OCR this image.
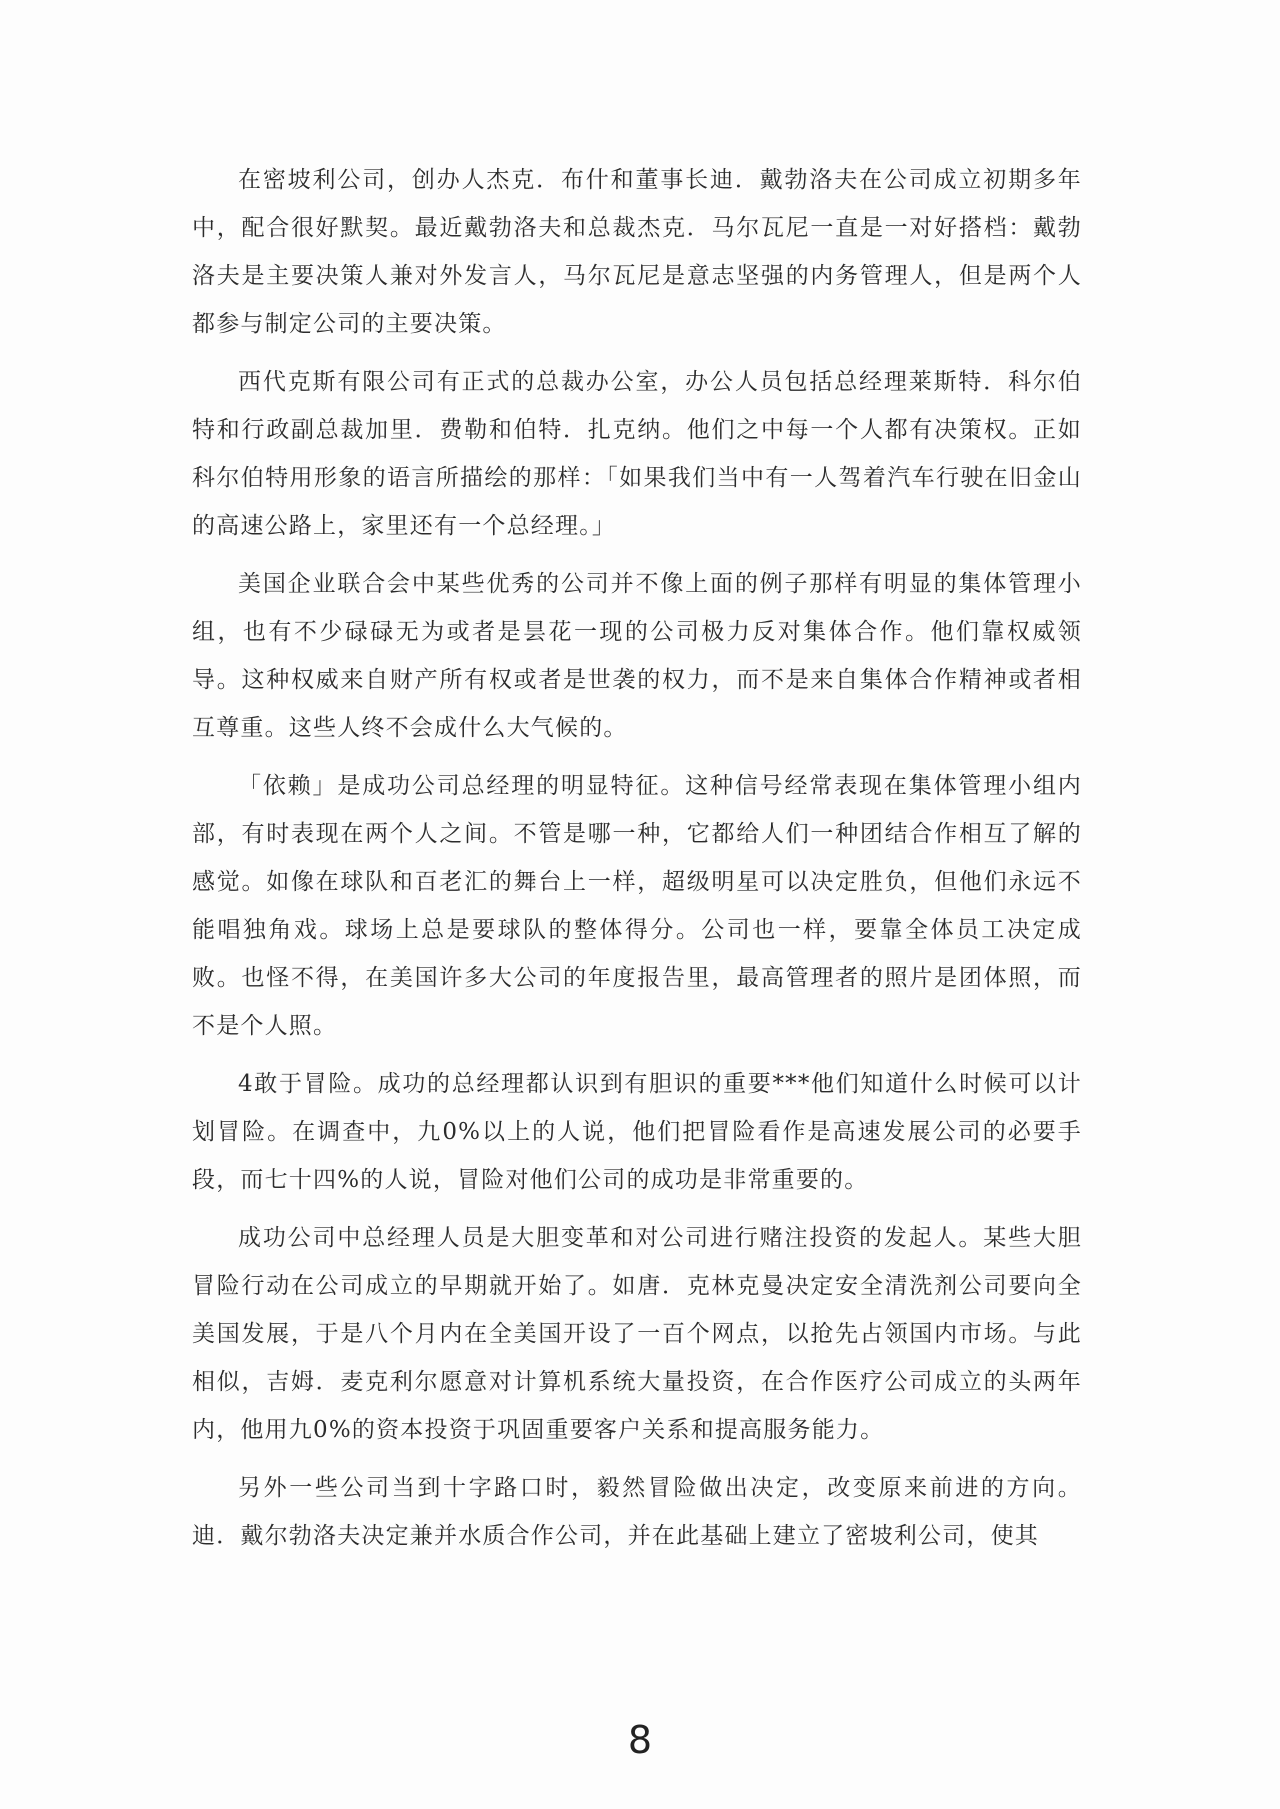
在密坡利公司，创办人杰克．布什和董事长迪．戴勃洛夫在公司成立初期多年中，配合很好默契。最近戴勃洛夫和总裁杰克．马尔瓦尼一直是一对好搭档：戴勃洛夫是主要决策人兼对外发言人，马尔瓦尼是意志坚强的内务管理人，但是两个人都参与制定公司的主要决策。

西代克斯有限公司有正式的总裁办公室，办公人员包括总经理莱斯特．科尔伯特和行政副总裁加里．费勒和伯特．扎克纳。他们之中每一个人都有决策权。正如科尔伯特用形象的语言所描绘的那样：「如果我们当中有一人驾着汽车行驶在旧金山的高速公路上，家里还有一个总经理。」

美国企业联合会中某些优秀的公司并不像上面的例子那样有明显的集体管理小组，也有不少碌碌无为或者是昙花一现的公司极力反对集体合作。他们靠权威领导。这种权威来自财产所有权或者是世袭的权力，而不是来自集体合作精神或者相互尊重。这些人终不会成什么大气候的。

「依赖」是成功公司总经理的明显特征。这种信号经常表现在集体管理小组内部，有时表现在两个人之间。不管是哪一种，它都给人们一种团结合作相互了解的感觉。如像在球队和百老汇的舞台上一样，超级明星可以决定胜负，但他们永远不能唱独角戏。球场上总是要球队的整体得分。公司也一样，要靠全体员工决定成败。也怪不得，在美国许多大公司的年度报告里，最高管理者的照片是团体照，而不是个人照。

4敢于冒险。成功的总经理都认识到有胆识的重要***他们知道什么时候可以计划冒险。在调查中，九0%以上的人说，他们把冒险看作是高速发展公司的必要手段，而七十四%的人说，冒险对他们公司的成功是非常重要的。

成功公司中总经理人员是大胆变革和对公司进行赌注投资的发起人。某些大胆冒险行动在公司成立的早期就开始了。如唐．克林克曼决定安全清洗剂公司要向全美国发展，于是八个月内在全美国开设了一百个网点，以抢先占领国内市场。与此相似，吉姆．麦克利尔愿意对计算机系统大量投资，在合作医疗公司成立的头两年内，他用九0%的资本投资于巩固重要客户关系和提高服务能力。

另外一些公司当到十字路口时，毅然冒险做出决定，改变原来前进的方向。迪．戴尔勃洛夫决定兼并水质合作公司，并在此基础上建立了密坡利公司，使其

8
